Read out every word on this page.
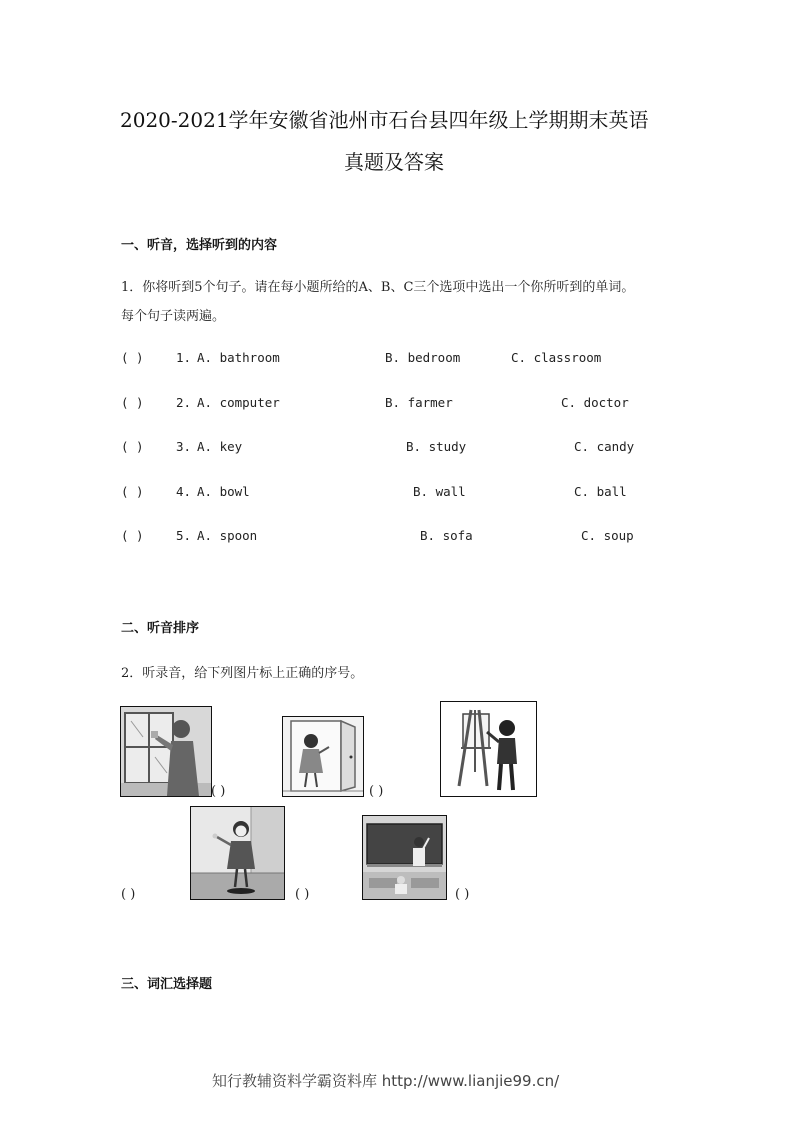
2020-2021学年安徽省池州市石台县四年级上学期期末英语
真题及答案
一、听音，选择听到的内容
1．你将听到5个句子。请在每小题所给的A、B、C三个选项中选出一个你所听到的单词。
每个句子读两遍。
( )	1. A. bathroom	B. bedroom	C. classroom
( )	2. A. computer	B. farmer	C. doctor
( )	3. A. key	B. study	C. candy
( )	4. A. bowl	B. wall	C. ball
( )	5. A. spoon	B. sofa	C. soup
二、听音排序
2．听录音，给下列图片标上正确的序号。
( )	( )
( )	( )	( )
三、词汇选择题
知行教辅资料学霸资料库 http://www.lianjie99.cn/
